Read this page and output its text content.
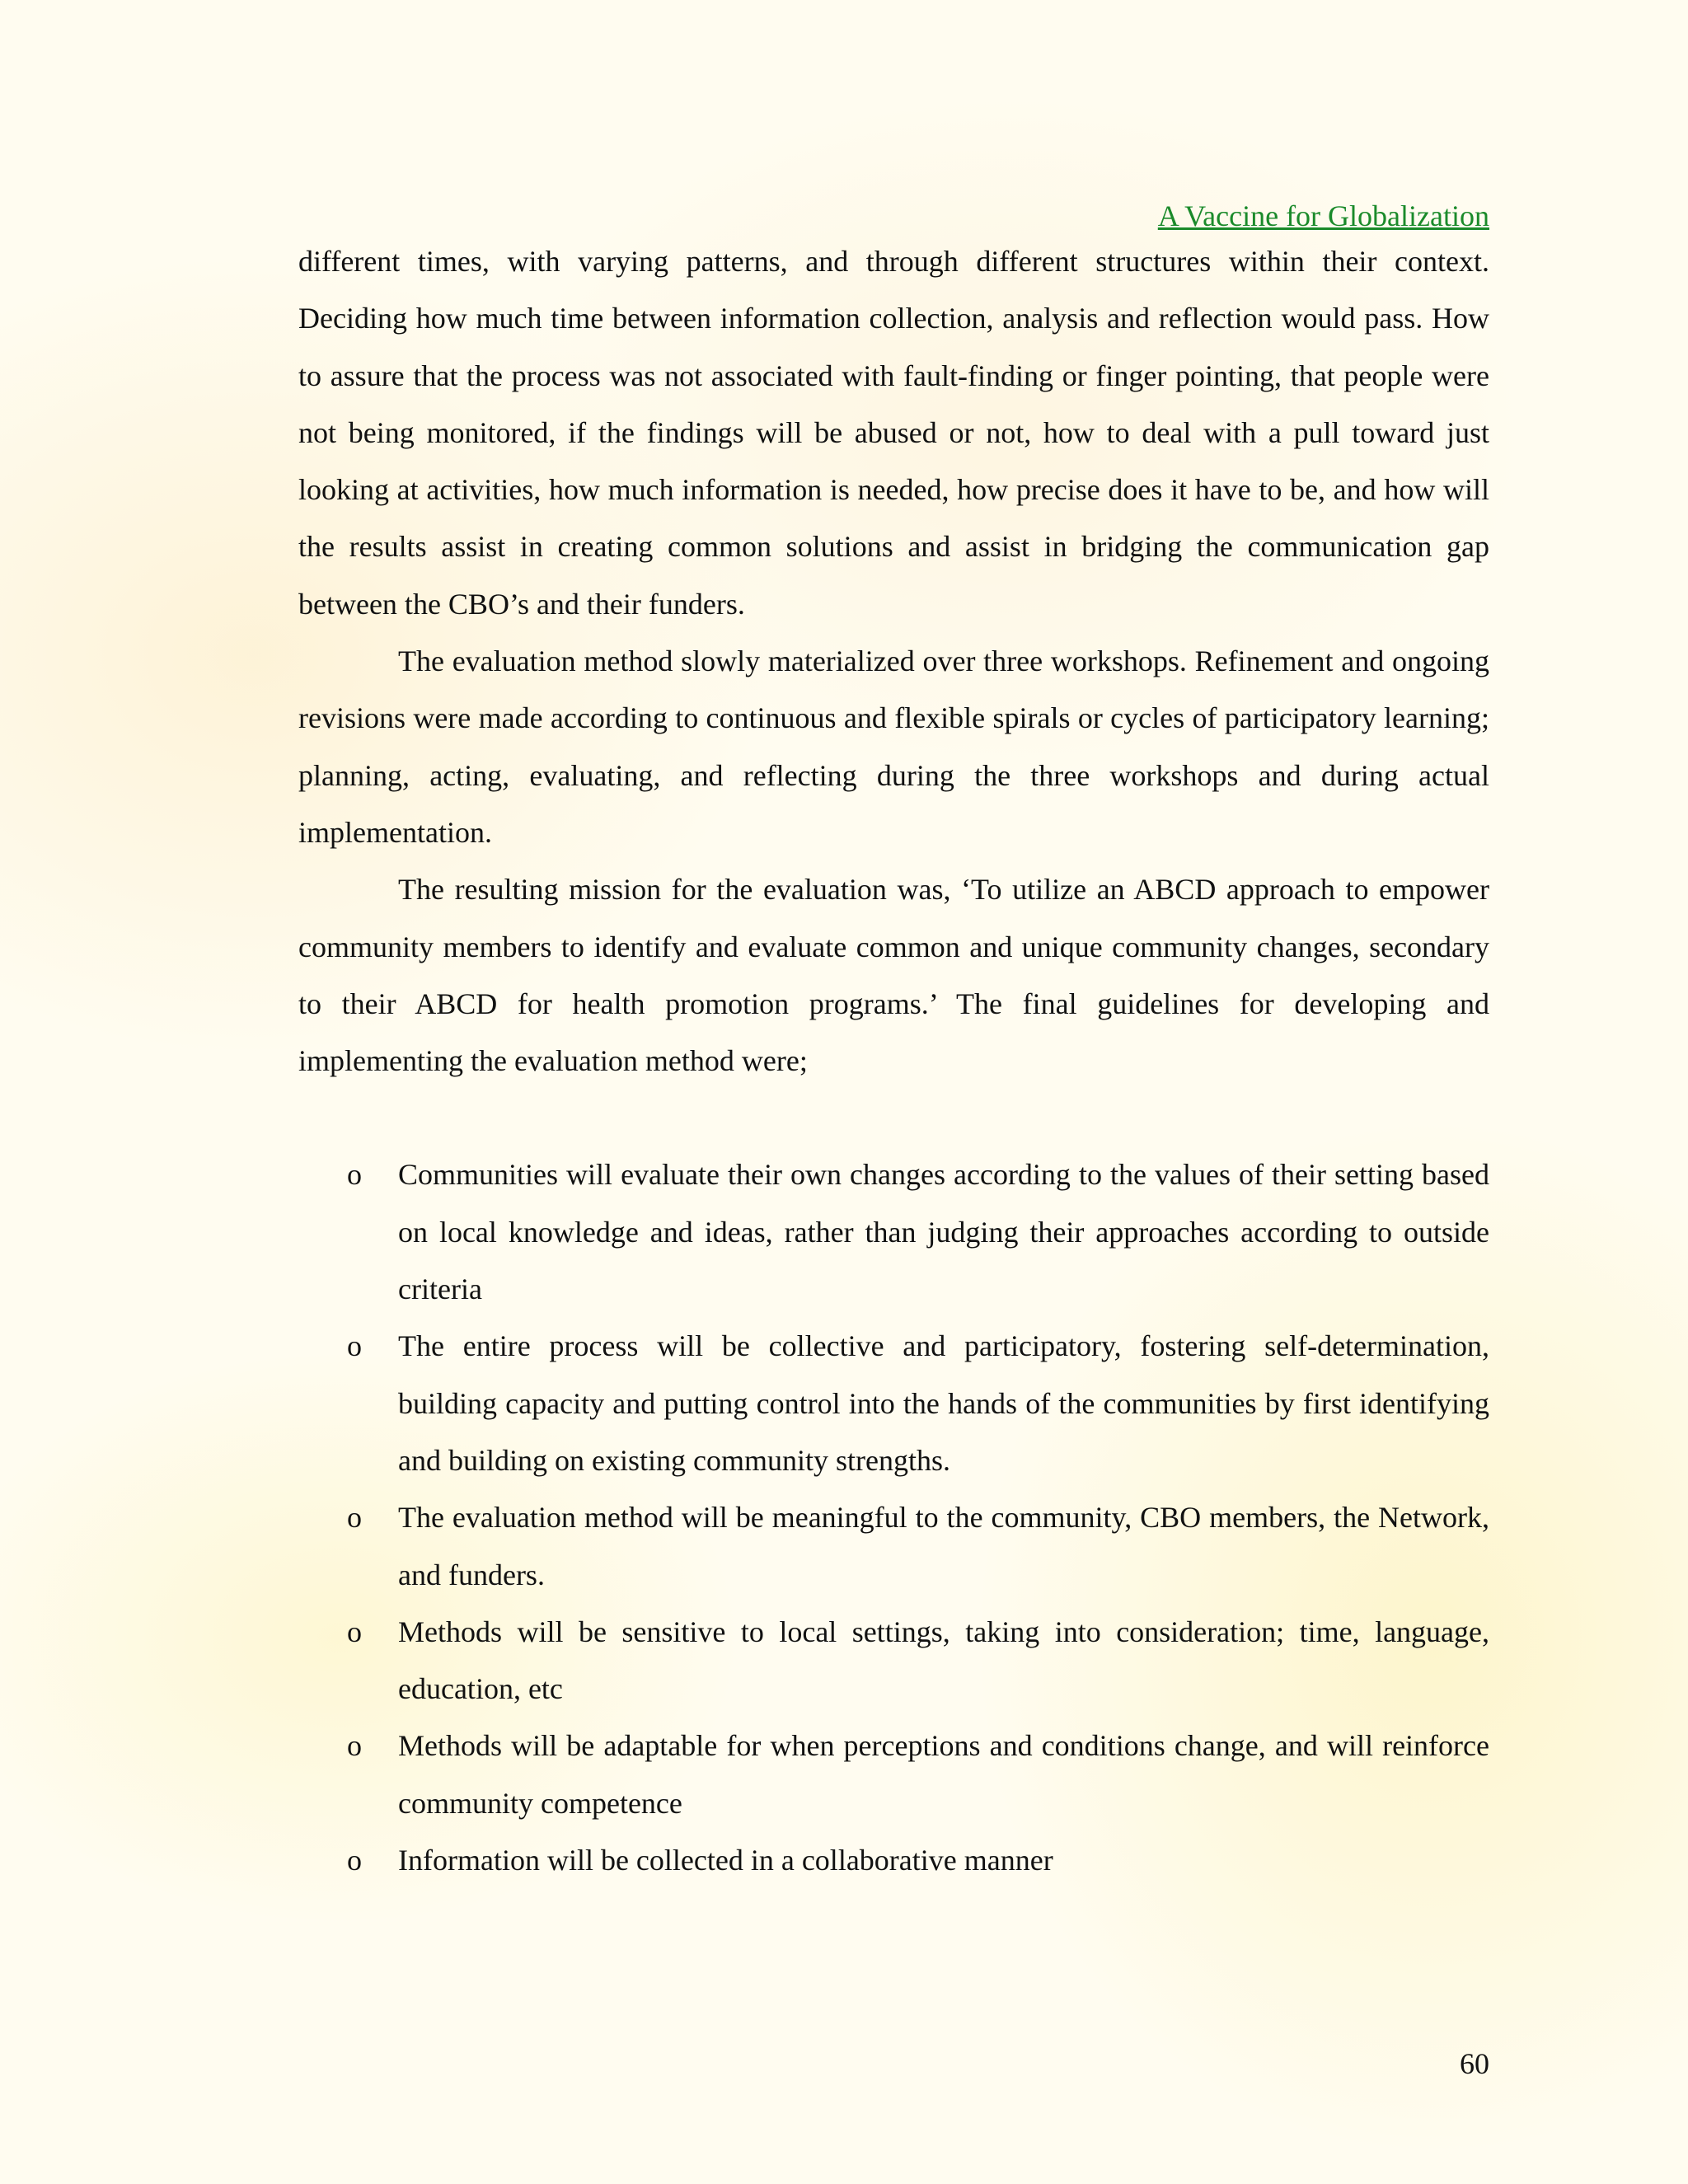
A Vaccine for Globalization

different times, with varying patterns, and through different structures within their context. Deciding how much time between information collection, analysis and reflection would pass. How to assure that the process was not associated with fault-finding or finger pointing, that people were not being monitored, if the findings will be abused or not, how to deal with a pull toward just looking at activities, how much information is needed, how precise does it have to be, and how will the results assist in creating common solutions and assist in bridging the communication gap between the CBO’s and their funders.

The evaluation method slowly materialized over three workshops. Refinement and ongoing revisions were made according to continuous and flexible spirals or cycles of participatory learning; planning, acting, evaluating, and reflecting during the three workshops and during actual implementation.

The resulting mission for the evaluation was, ‘To utilize an ABCD approach to empower community members to identify and evaluate common and unique community changes, secondary to their ABCD for health promotion programs.’ The final guidelines for developing and implementing the evaluation method were;

o Communities will evaluate their own changes according to the values of their setting based on local knowledge and ideas, rather than judging their approaches according to outside criteria
o The entire process will be collective and participatory, fostering self-determination, building capacity and putting control into the hands of the communities by first identifying and building on existing community strengths.
o The evaluation method will be meaningful to the community, CBO members, the Network, and funders.
o Methods will be sensitive to local settings, taking into consideration; time, language, education, etc
o Methods will be adaptable for when perceptions and conditions change, and will reinforce community competence
o Information will be collected in a collaborative manner
60
